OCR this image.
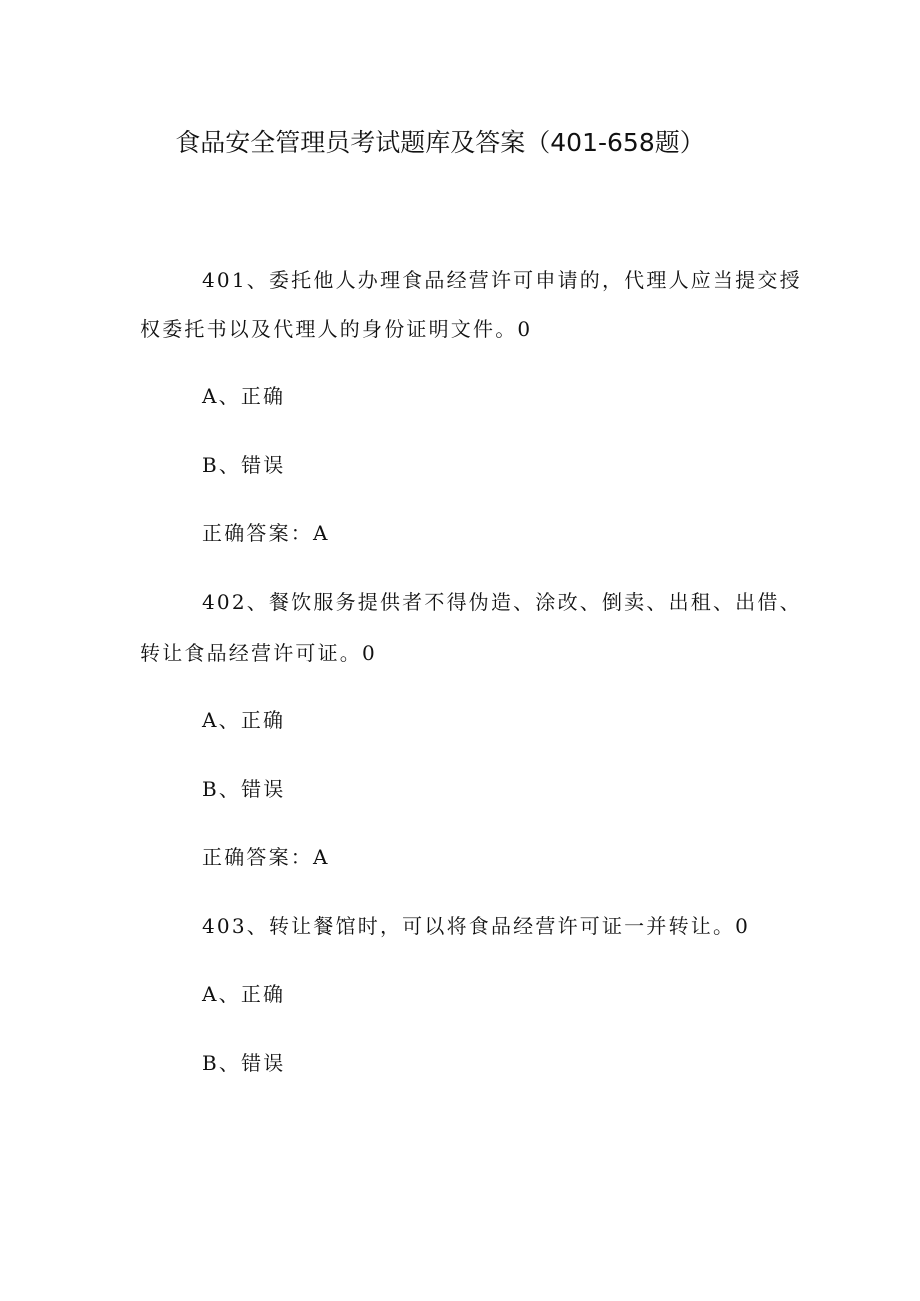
食品安全管理员考试题库及答案（401-658题）
401、委托他人办理食品经营许可申请的，代理人应当提交授
权委托书以及代理人的身份证明文件。0
A、正确
B、错误
正确答案：A
402、餐饮服务提供者不得伪造、涂改、倒卖、出租、出借、
转让食品经营许可证。0
A、正确
B、错误
正确答案：A
403、转让餐馆时，可以将食品经营许可证一并转让。0
A、正确
B、错误
